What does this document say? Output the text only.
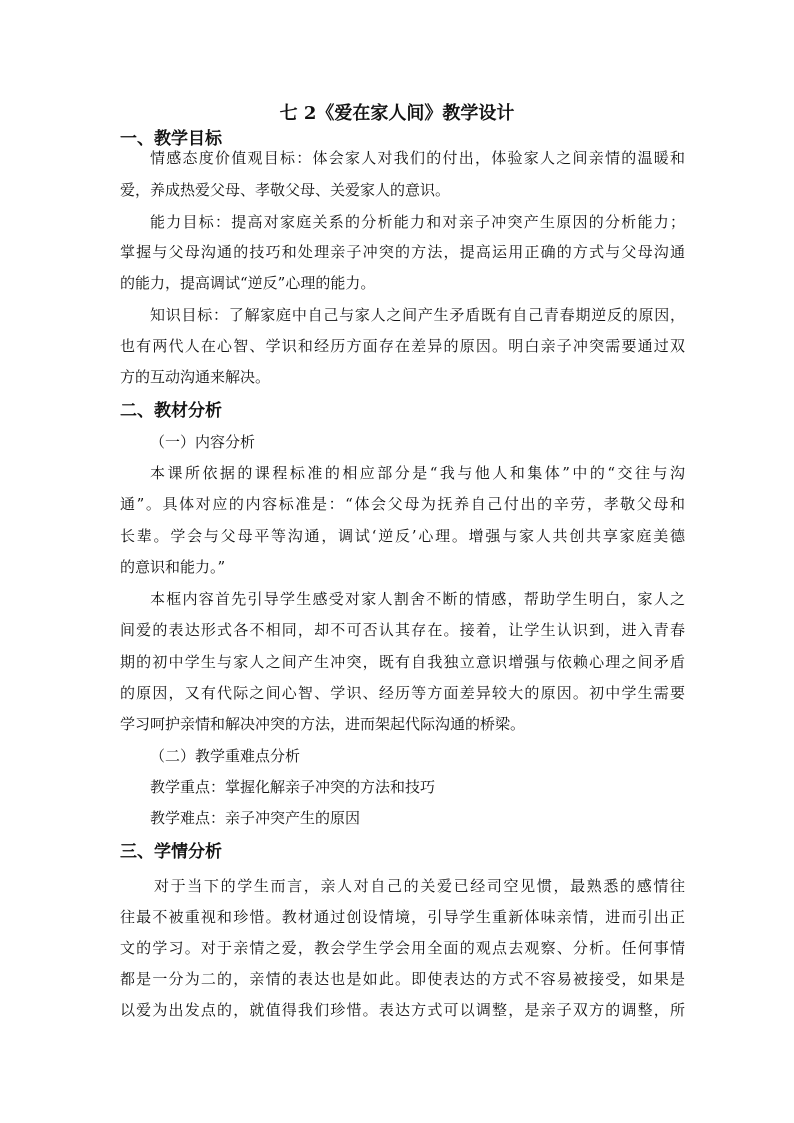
七 2《爱在家人间》教学设计
一、教学目标
情感态度价值观目标：体会家人对我们的付出，体验家人之间亲情的温暖和
爱，养成热爱父母、孝敬父母、关爱家人的意识。
能力目标：提高对家庭关系的分析能力和对亲子冲突产生原因的分析能力；
掌握与父母沟通的技巧和处理亲子冲突的方法，提高运用正确的方式与父母沟通
的能力，提高调试“逆反”心理的能力。
知识目标：了解家庭中自己与家人之间产生矛盾既有自己青春期逆反的原因，
也有两代人在心智、学识和经历方面存在差异的原因。明白亲子冲突需要通过双
方的互动沟通来解决。
二、教材分析
（一）内容分析
本课所依据的课程标准的相应部分是“我与他人和集体”中的“交往与沟
通”。具体对应的内容标准是：“体会父母为抚养自己付出的辛劳，孝敬父母和
长辈。学会与父母平等沟通，调试‘逆反’心理。增强与家人共创共享家庭美德
的意识和能力。”
本框内容首先引导学生感受对家人割舍不断的情感，帮助学生明白，家人之
间爱的表达形式各不相同，却不可否认其存在。接着，让学生认识到，进入青春
期的初中学生与家人之间产生冲突，既有自我独立意识增强与依赖心理之间矛盾
的原因，又有代际之间心智、学识、经历等方面差异较大的原因。初中学生需要
学习呵护亲情和解决冲突的方法，进而架起代际沟通的桥梁。
（二）教学重难点分析
教学重点：掌握化解亲子冲突的方法和技巧
教学难点：亲子冲突产生的原因
三、学情分析
对于当下的学生而言，亲人对自己的关爱已经司空见惯，最熟悉的感情往
往最不被重视和珍惜。教材通过创设情境，引导学生重新体味亲情，进而引出正
文的学习。对于亲情之爱，教会学生学会用全面的观点去观察、分析。任何事情
都是一分为二的，亲情的表达也是如此。即使表达的方式不容易被接受，如果是
以爱为出发点的，就值得我们珍惜。表达方式可以调整，是亲子双方的调整，所
